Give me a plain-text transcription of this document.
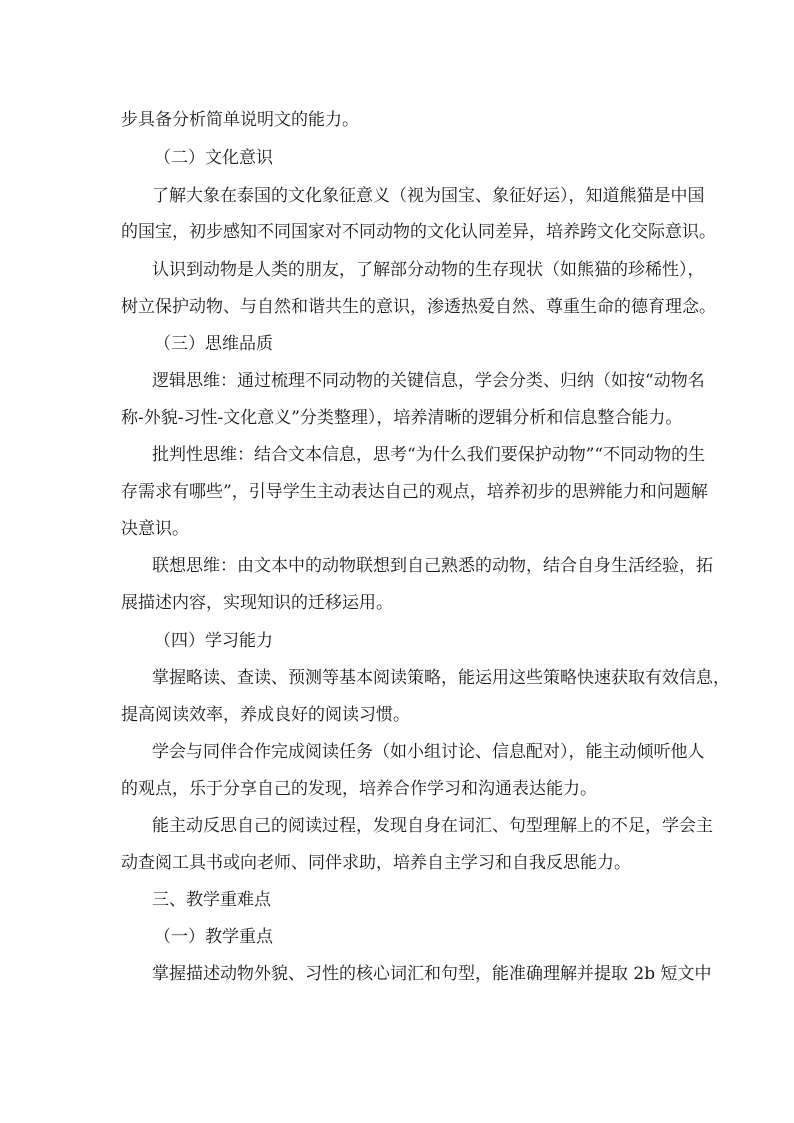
步具备分析简单说明文的能力。
（二）文化意识
了解大象在泰国的文化象征意义（视为国宝、象征好运），知道熊猫是中国
的国宝，初步感知不同国家对不同动物的文化认同差异，培养跨文化交际意识。
认识到动物是人类的朋友，了解部分动物的生存现状（如熊猫的珍稀性），
树立保护动物、与自然和谐共生的意识，渗透热爱自然、尊重生命的德育理念。
（三）思维品质
逻辑思维：通过梳理不同动物的关键信息，学会分类、归纳（如按“动物名
称-外貌-习性-文化意义”分类整理），培养清晰的逻辑分析和信息整合能力。
批判性思维：结合文本信息，思考“为什么我们要保护动物”“不同动物的生
存需求有哪些”，引导学生主动表达自己的观点，培养初步的思辨能力和问题解
决意识。
联想思维：由文本中的动物联想到自己熟悉的动物，结合自身生活经验，拓
展描述内容，实现知识的迁移运用。
（四）学习能力
掌握略读、查读、预测等基本阅读策略，能运用这些策略快速获取有效信息，
提高阅读效率，养成良好的阅读习惯。
学会与同伴合作完成阅读任务（如小组讨论、信息配对），能主动倾听他人
的观点，乐于分享自己的发现，培养合作学习和沟通表达能力。
能主动反思自己的阅读过程，发现自身在词汇、句型理解上的不足，学会主
动查阅工具书或向老师、同伴求助，培养自主学习和自我反思能力。
三、教学重难点
（一）教学重点
掌握描述动物外貌、习性的核心词汇和句型，能准确理解并提取 2b 短文中
